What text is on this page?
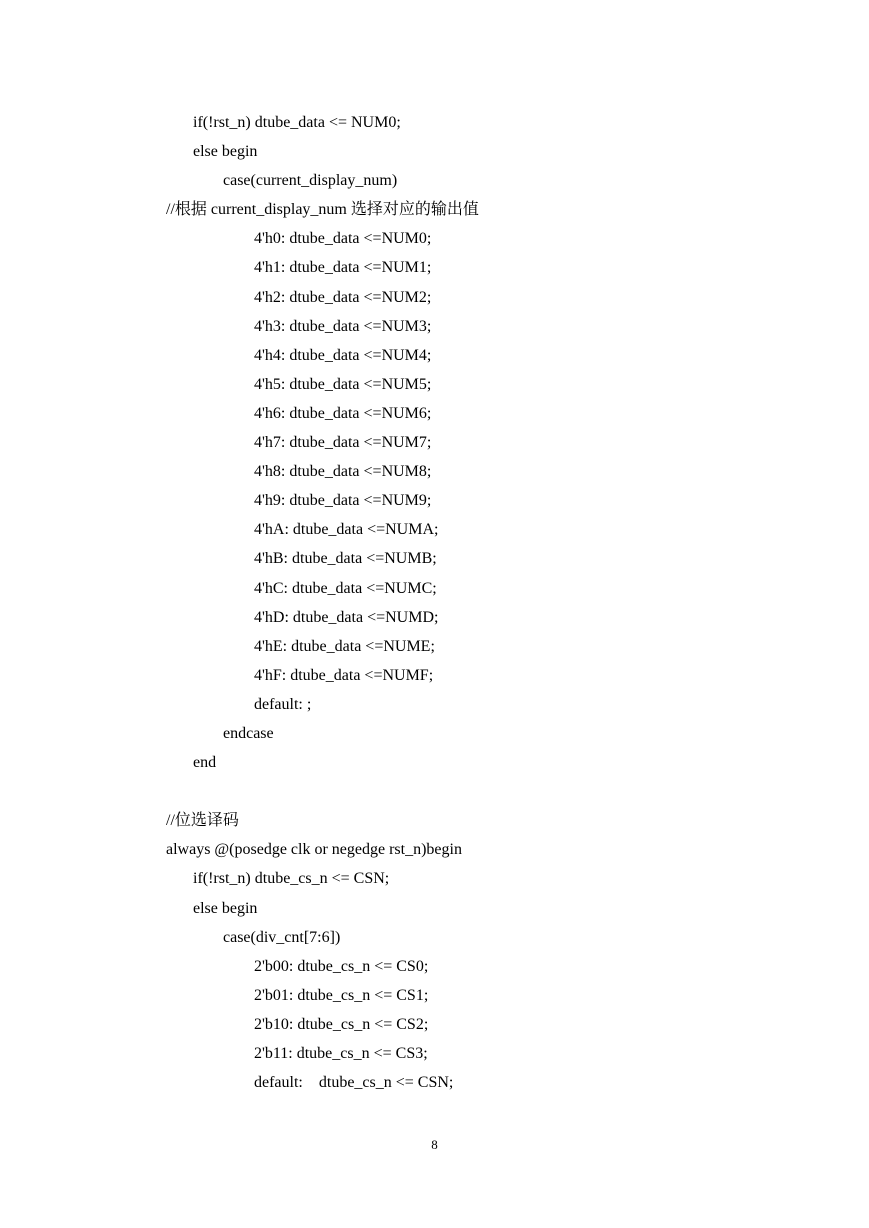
if(!rst_n) dtube_data <= NUM0;
else begin
case(current_display_num)
//根据 current_display_num 选择对应的输出值
4'h0: dtube_data <=NUM0;
4'h1: dtube_data <=NUM1;
4'h2: dtube_data <=NUM2;
4'h3: dtube_data <=NUM3;
4'h4: dtube_data <=NUM4;
4'h5: dtube_data <=NUM5;
4'h6: dtube_data <=NUM6;
4'h7: dtube_data <=NUM7;
4'h8: dtube_data <=NUM8;
4'h9: dtube_data <=NUM9;
4'hA: dtube_data <=NUMA;
4'hB: dtube_data <=NUMB;
4'hC: dtube_data <=NUMC;
4'hD: dtube_data <=NUMD;
4'hE: dtube_data <=NUME;
4'hF: dtube_data <=NUMF;
default: ;
endcase
end
//位选译码
always @(posedge clk or negedge rst_n)begin
if(!rst_n) dtube_cs_n <= CSN;
else begin
case(div_cnt[7:6])
2'b00: dtube_cs_n <= CS0;
2'b01: dtube_cs_n <= CS1;
2'b10: dtube_cs_n <= CS2;
2'b11: dtube_cs_n <= CS3;
default:    dtube_cs_n <= CSN;
8
